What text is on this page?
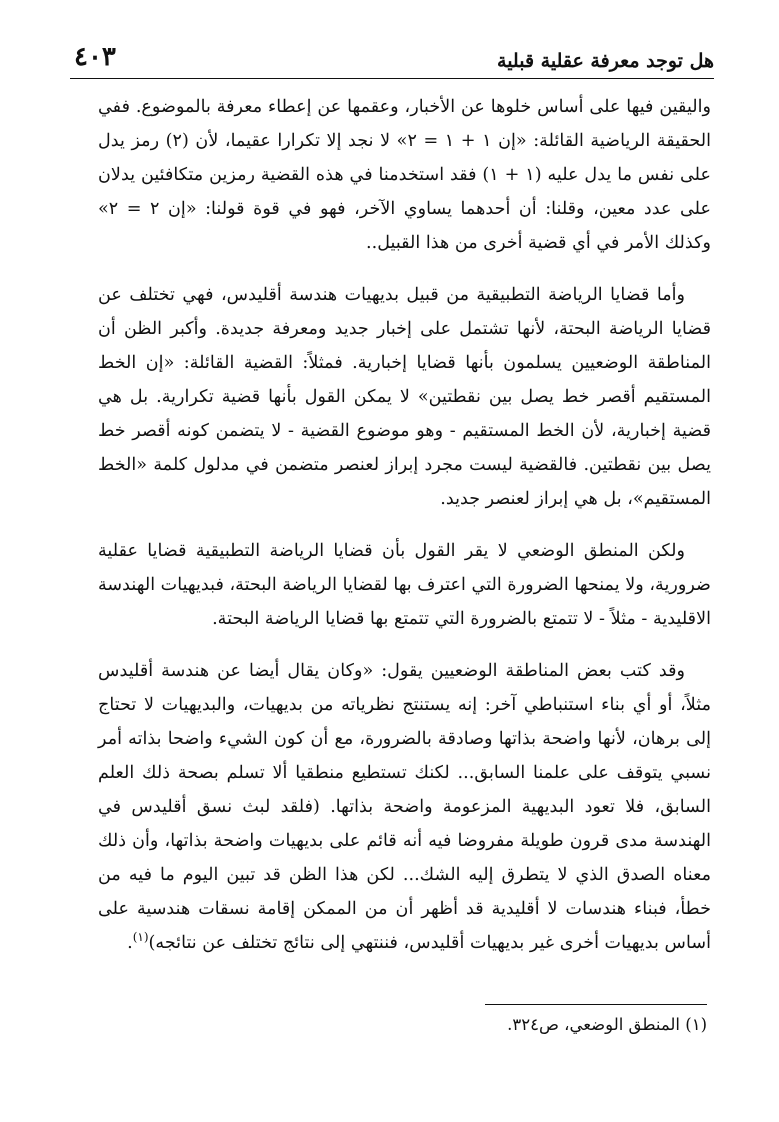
هل توجد معرفة عقلية قبلية
٤٠٣

واليقين فيها على أساس خلوها عن الأخبار، وعقمها عن إعطاء معرفة بالموضوع. ففي الحقيقة الرياضية القائلة: «إن ١ + ١ = ٢» لا نجد إلا تكرارا عقيما، لأن (٢) رمز يدل على نفس ما يدل عليه (١ + ١) فقد استخدمنا في هذه القضية رمزين متكافئين يدلان على عدد معين، وقلنا: أن أحدهما يساوي الآخر، فهو في قوة قولنا: «إن ٢ = ٢» وكذلك الأمر في أي قضية أخرى من هذا القبيل..

وأما قضايا الرياضة التطبيقية من قبيل بديهيات هندسة أقليدس، فهي تختلف عن قضايا الرياضة البحتة، لأنها تشتمل على إخبار جديد ومعرفة جديدة. وأكبر الظن أن المناطقة الوضعيين يسلمون بأنها قضايا إخبارية. فمثلاً: القضية القائلة: «إن الخط المستقيم أقصر خط يصل بين نقطتين» لا يمكن القول بأنها قضية تكرارية. بل هي قضية إخبارية، لأن الخط المستقيم - وهو موضوع القضية - لا يتضمن كونه أقصر خط يصل بين نقطتين. فالقضية ليست مجرد إبراز لعنصر متضمن في مدلول كلمة «الخط المستقيم»، بل هي إبراز لعنصر جديد.

ولكن المنطق الوضعي لا يقر القول بأن قضايا الرياضة التطبيقية قضايا عقلية ضرورية، ولا يمنحها الضرورة التي اعترف بها لقضايا الرياضة البحتة، فبديهيات الهندسة الاقليدية - مثلاً - لا تتمتع بالضرورة التي تتمتع بها قضايا الرياضة البحتة.

وقد كتب بعض المناطقة الوضعيين يقول: «وكان يقال أيضا عن هندسة أقليدس مثلاً، أو أي بناء استنباطي آخر: إنه يستنتج نظرياته من بديهيات، والبديهيات لا تحتاج إلى برهان، لأنها واضحة بذاتها وصادقة بالضرورة، مع أن كون الشيء واضحا بذاته أمر نسبي يتوقف على علمنا السابق... لكنك تستطيع منطقيا ألا تسلم بصحة ذلك العلم السابق، فلا تعود البديهية المزعومة واضحة بذاتها. (فلقد لبث نسق أقليدس في الهندسة مدى قرون طويلة مفروضا فيه أنه قائم على بديهيات واضحة بذاتها، وأن ذلك معناه الصدق الذي لا يتطرق إليه الشك... لكن هذا الظن قد تبين اليوم ما فيه من خطأ، فبناء هندسات لا أقليدية قد أظهر أن من الممكن إقامة نسقات هندسية على أساس بديهيات أخرى غير بديهيات أقليدس، فننتهي إلى نتائج تختلف عن نتائجه)$^{(١)}$.

(١) المنطق الوضعي، ص٣٢٤.
